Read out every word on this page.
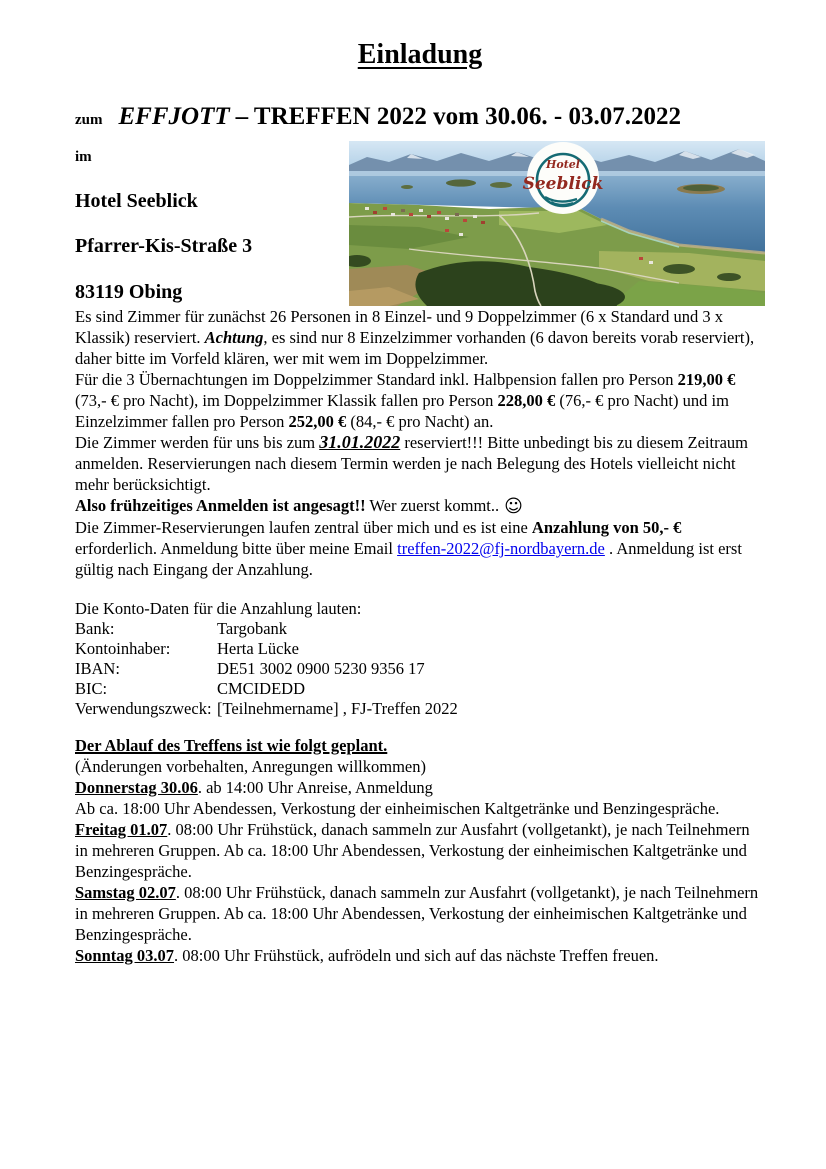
Einladung
zum EFFJOTT – TREFFEN 2022 vom 30.06. - 03.07.2022
im
Hotel Seeblick
Pfarrer-Kis-Straße 3
83119 Obing
Hotel
Seeblick

Es sind Zimmer für zunächst 26 Personen in 8 Einzel- und 9 Doppelzimmer (6 x Standard und 3 x Klassik) reserviert. Achtung, es sind nur 8 Einzelzimmer vorhanden (6 davon bereits vorab reserviert), daher bitte im Vorfeld klären, wer mit wem im Doppelzimmer.

Für die 3 Übernachtungen im Doppelzimmer Standard inkl. Halbpension fallen pro Person 219,00 € (73,- € pro Nacht), im Doppelzimmer Klassik fallen pro Person 228,00 € (76,- € pro Nacht) und im Einzelzimmer fallen pro Person 252,00 € (84,- € pro Nacht) an.

Die Zimmer werden für uns bis zum 31.01.2022 reserviert!!! Bitte unbedingt bis zu diesem Zeitraum anmelden. Reservierungen nach diesem Termin werden je nach Belegung des Hotels vielleicht nicht mehr berücksichtigt.

Also frühzeitiges Anmelden ist angesagt!! Wer zuerst kommt.. ☺

Die Zimmer-Reservierungen laufen zentral über mich und es ist eine Anzahlung von 50,- € erforderlich. Anmeldung bitte über meine Email treffen-2022@fj-nordbayern.de . Anmeldung ist erst gültig nach Eingang der Anzahlung.

Die Konto-Daten für die Anzahlung lauten:
Bank:	Targobank
Kontoinhaber:	Herta Lücke
IBAN:	DE51 3002 0900 5230 9356 17
BIC:	CMCIDEDD
Verwendungszweck: [Teilnehmername] , FJ-Treffen 2022
Der Ablauf des Treffens ist wie folgt geplant.
(Änderungen vorbehalten, Anregungen willkommen)

Donnerstag 30.06. ab 14:00 Uhr Anreise, Anmeldung
Ab ca. 18:00 Uhr Abendessen, Verkostung der einheimischen Kaltgetränke und Benzingespräche.

Freitag 01.07. 08:00 Uhr Frühstück, danach sammeln zur Ausfahrt (vollgetankt), je nach Teilnehmern in mehreren Gruppen. Ab ca. 18:00 Uhr Abendessen, Verkostung der einheimischen Kaltgetränke und Benzingespräche.

Samstag 02.07. 08:00 Uhr Frühstück, danach sammeln zur Ausfahrt (vollgetankt), je nach Teilnehmern in mehreren Gruppen. Ab ca. 18:00 Uhr Abendessen, Verkostung der einheimischen Kaltgetränke und Benzingespräche.

Sonntag 03.07. 08:00 Uhr Frühstück, aufrödeln und sich auf das nächste Treffen freuen.
